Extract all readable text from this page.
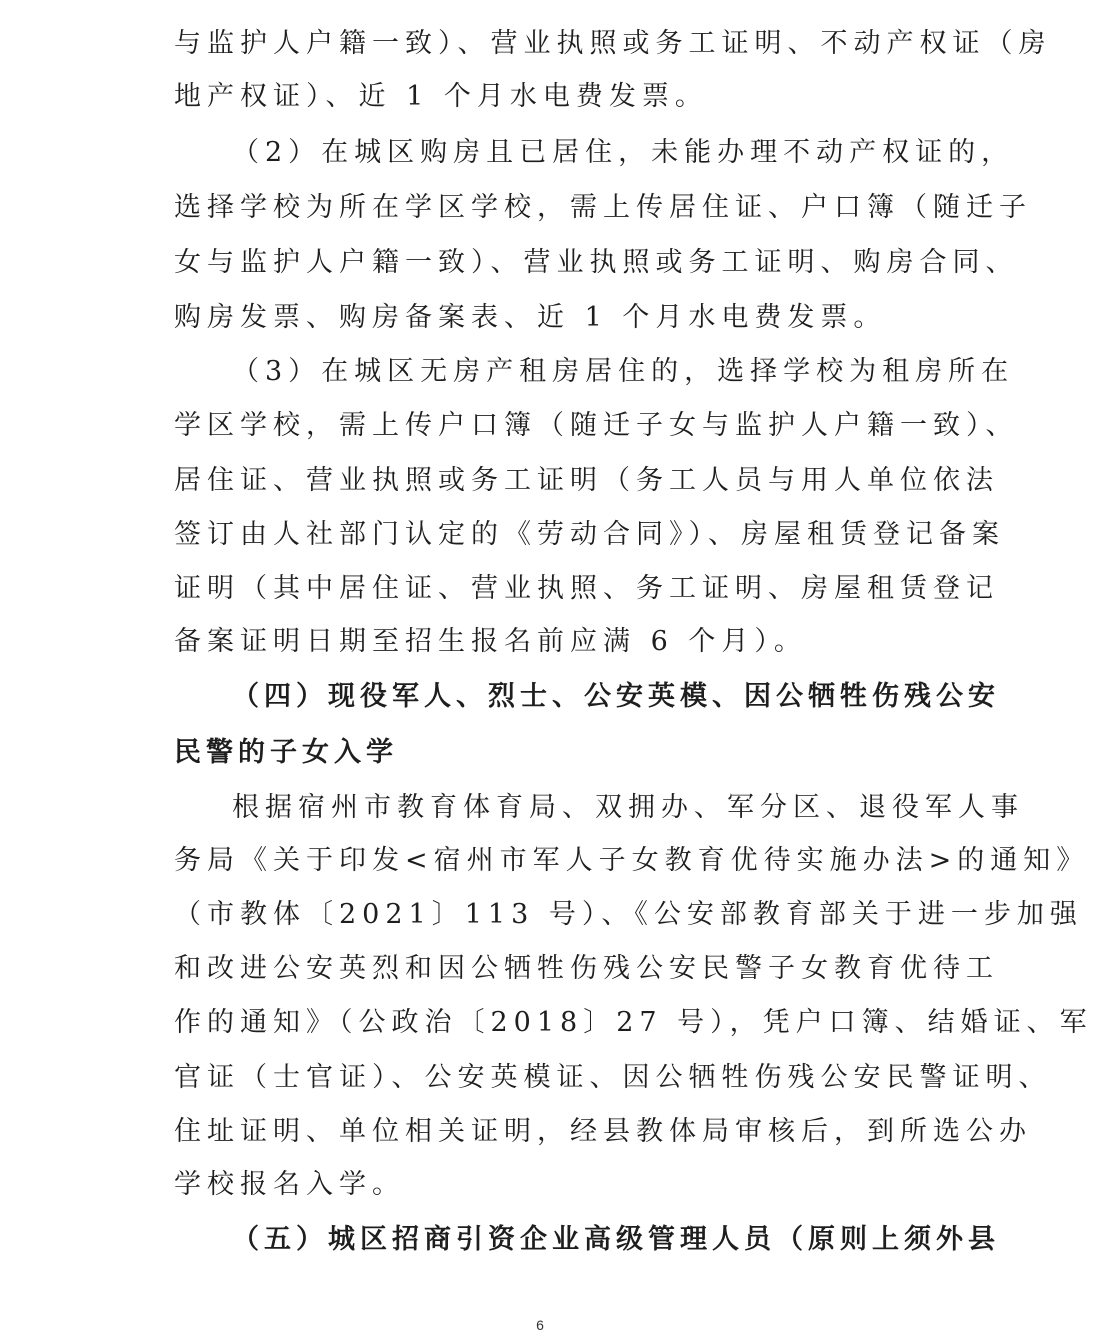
与监护人户籍一致）、营业执照或务工证明、不动产权证（房
地产权证）、近 1 个月水电费发票。
（2）在城区购房且已居住，未能办理不动产权证的，
选择学校为所在学区学校，需上传居住证、户口簿（随迁子
女与监护人户籍一致）、营业执照或务工证明、购房合同、
购房发票、购房备案表、近 1 个月水电费发票。
（3）在城区无房产租房居住的，选择学校为租房所在
学区学校，需上传户口簿（随迁子女与监护人户籍一致）、
居住证、营业执照或务工证明（务工人员与用人单位依法
签订由人社部门认定的《劳动合同》）、房屋租赁登记备案
证明（其中居住证、营业执照、务工证明、房屋租赁登记
备案证明日期至招生报名前应满 6 个月）。
（四）现役军人、烈士、公安英模、因公牺牲伤残公安
民警的子女入学
根据宿州市教育体育局、双拥办、军分区、退役军人事
务局《关于印发<宿州市军人子女教育优待实施办法>的通知》
（市教体〔2021〕113 号）、《公安部教育部关于进一步加强
和改进公安英烈和因公牺牲伤残公安民警子女教育优待工
作的通知》（公政治〔2018〕27 号），凭户口簿、结婚证、军
官证（士官证）、公安英模证、因公牺牲伤残公安民警证明、
住址证明、单位相关证明，经县教体局审核后，到所选公办
学校报名入学。
（五）城区招商引资企业高级管理人员（原则上须外县
6
